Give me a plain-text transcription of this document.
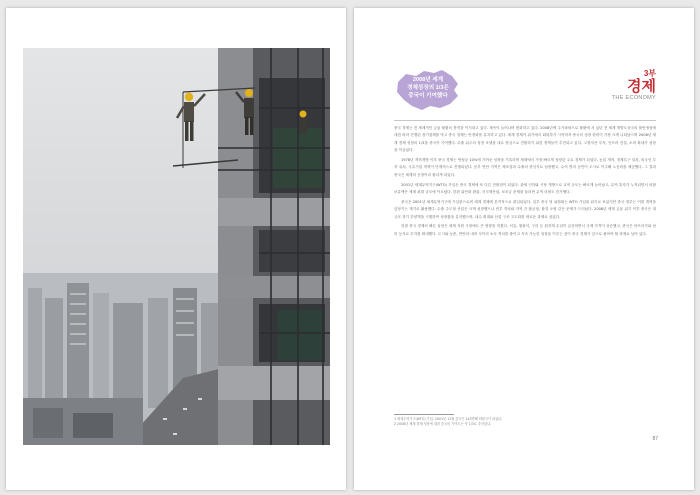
2008년 세계
경제성장의 1/3은
중국이 기여했다
3부
경제
THE ECONOMY

중국 경제는 전 세계적인 금융 불황의 충격을 이겨내고 있다. 계속이 늘어나며 변화하고 있다. 2008년에 주가폭락으로 불황에 서 있던 전 세계 개발도상국의 불안정성에 대한 따라 진행된 경기침체를 막고 중국 경제는 안정화를 유지하고 있다. 세계 경제가 위기에서 회복하기 시작하자 중국의 성장 탄력이 가장 크게 나타났으며 2008년 세계 경제 성장의 1/3을 중국이 기여했다. 수출 위주의 성장 모델을 내수 중심으로 전환하기 위한 정책들이 추진되고 있다. 고정자산 투자, 인프라 건설, 소비 확대가 성장을 이끌었다.

1978년 개혁개방 이후 중국 경제는 연평균 10%에 가까운 성장을 기록하며 세계에서 가장 빠르게 성장한 주요 경제가 되었다. 농업 개혁, 경제특구 설치, 외국인 투자 유치, 국유기업 개혁이 단계적으로 진행되었다. 동부 연안 지역은 제조업과 수출의 중심지로 성장했고, 수억 명의 농민이 도시로 이주해 노동력을 제공했다. 그 결과 중국은 세계의 공장이라 불리게 되었다.

2001년 세계무역기구(WTO) 가입은 중국 경제에 또 다른 전환점이 되었다. 관세 인하와 시장 개방으로 교역 규모는 빠르게 늘어났고, 무역 흑자가 누적되면서 외환 보유액은 세계 최대 규모에 이르렀다. 한편 위안화 환율, 지식재산권, 보조금 문제를 둘러싼 무역 마찰도 증가했다.

중국은 2001년 세계무역기구에 가입함으로써 세계 경제에 본격적으로 편입되었다. 일부 중국 당 위원회는 WTO 가입을 위기로 보았지만 중국 정부는 이를 개혁을 앞당기는 계기로 활용했다. 수출 주도형 산업은 크게 성장했으나 빈부 격차와 지역 간 불균형, 환경 오염 같은 문제가 드러났다. 2008년 세계 금융 위기 이후 중국은 대규모 경기 부양책을 시행하여 성장률을 유지했으며, 내수 확대와 산업 구조 고도화를 새로운 과제로 삼았다.

한편 중국 경제의 빠른 성장은 세계 자원 시장에도 큰 영향을 미쳤다. 석유, 철광석, 구리 등 원자재 수입이 급증하면서 국제 가격이 상승했고, 중국은 아프리카와 남미 등지로 투자를 확대했다. 도시와 농촌, 연안과 내륙 사이의 소득 격차를 줄이고 지속 가능한 성장을 이루는 것이 중국 경제가 앞으로 풀어야 할 과제로 남아 있다.

1 세계무역기구(WTO) 가입: 2001년 12월 중국은 143번째 회원국이 되었다.
2 2008년 세계 경제 성장에 대한 중국의 기여도는 약 1/3로 추산된다.
87
